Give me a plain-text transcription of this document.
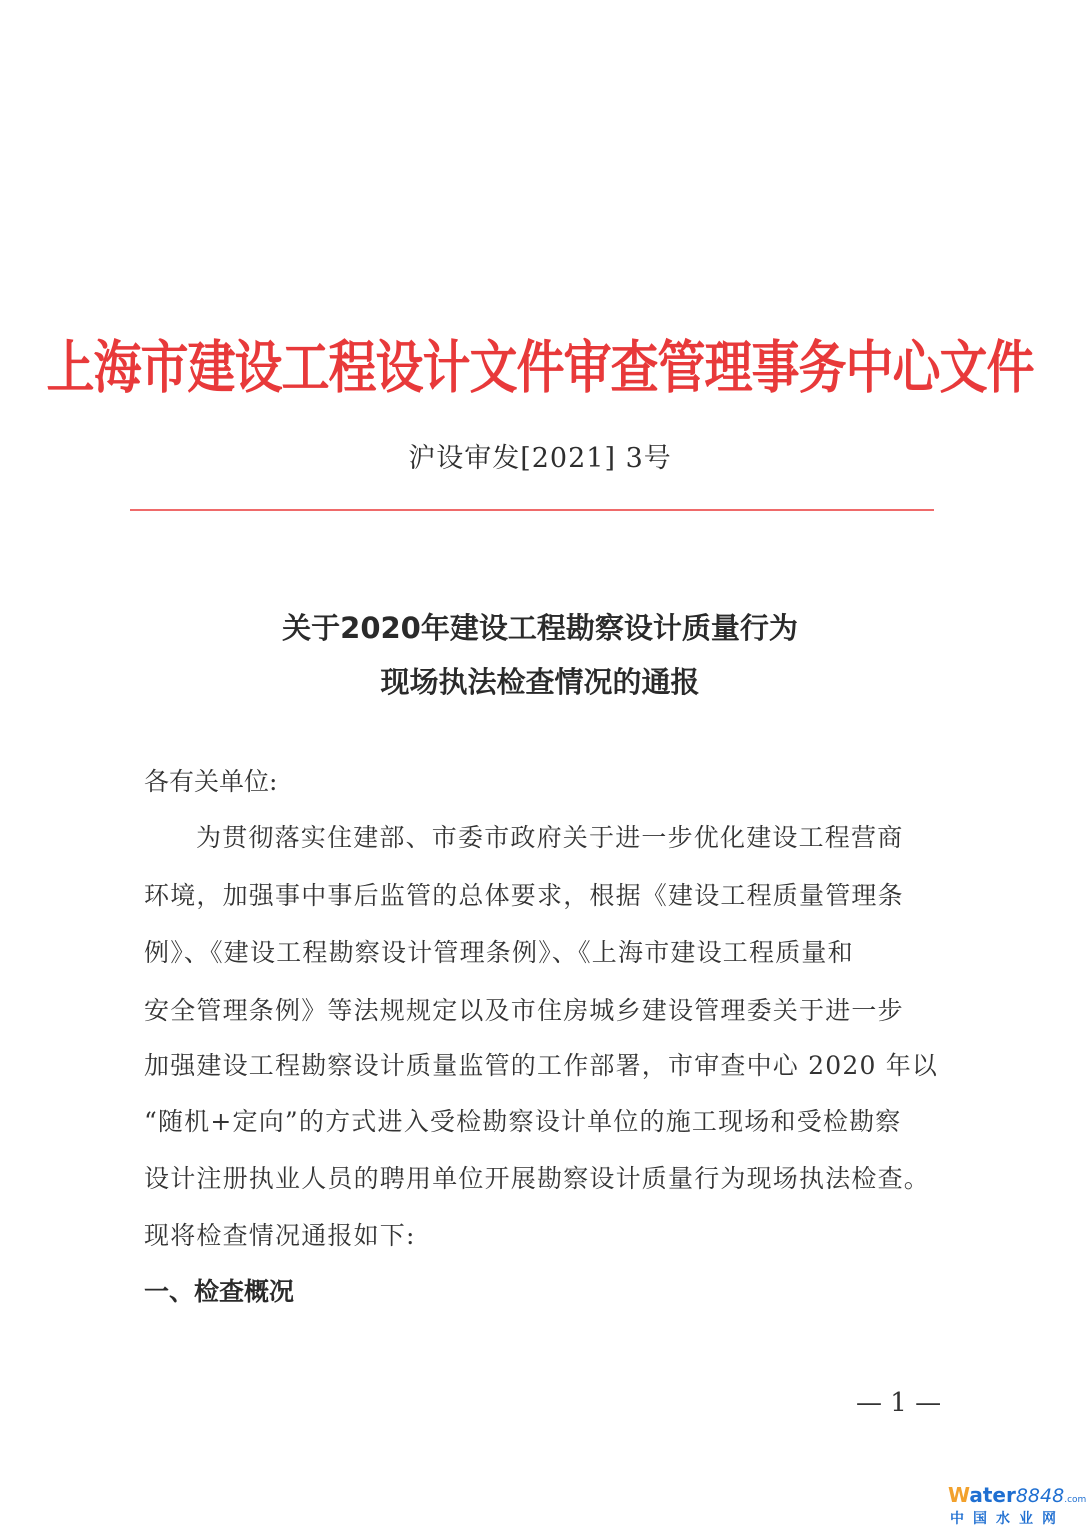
上海市建设工程设计文件审查管理事务中心文件
沪设审发[2021] 3号
关于2020年建设工程勘察设计质量行为
现场执法检查情况的通报
各有关单位:
为贯彻落实住建部、市委市政府关于进一步优化建设工程营商
环境，加强事中事后监管的总体要求，根据《建设工程质量管理条
例》、《建设工程勘察设计管理条例》、《上海市建设工程质量和
安全管理条例》等法规规定以及市住房城乡建设管理委关于进一步
加强建设工程勘察设计质量监管的工作部署，市审查中心 2020 年以
“随机+定向”的方式进入受检勘察设计单位的施工现场和受检勘察
设计注册执业人员的聘用单位开展勘察设计质量行为现场执法检查。
现将检查情况通报如下:
一、检查概况
— 1 —
Water8848.com
中国水业网
